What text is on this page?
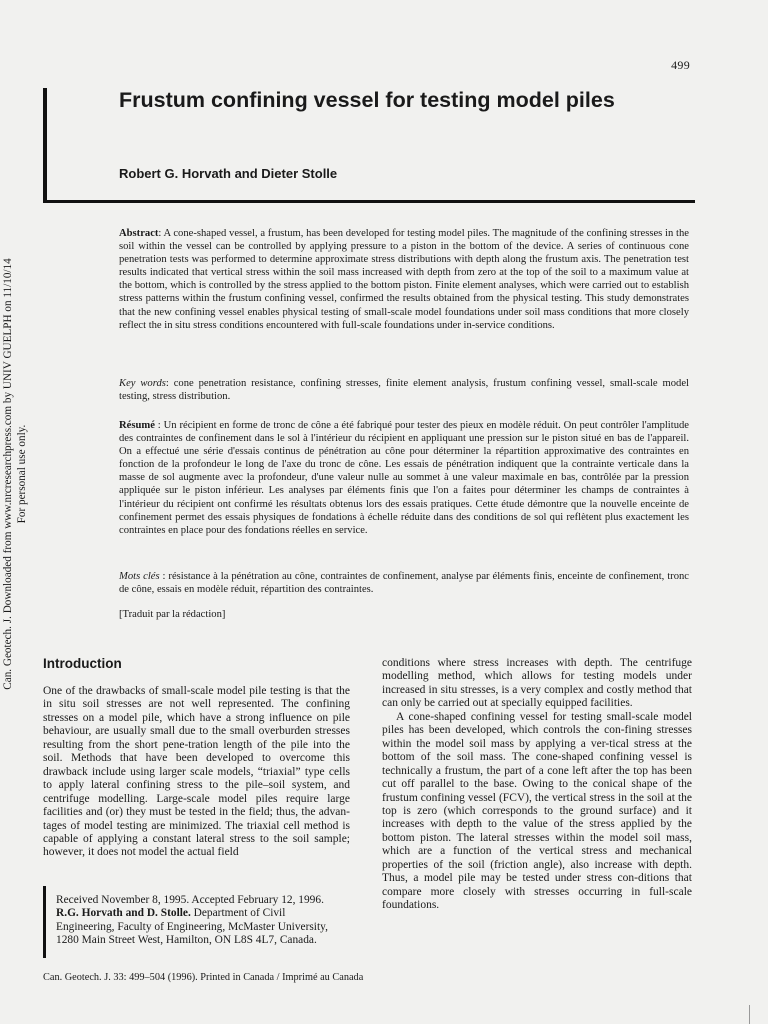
499
Frustum confining vessel for testing model piles
Robert G. Horvath and Dieter Stolle
Can. Geotech. J. Downloaded from www.nrcresearchpress.com by UNIV GUELPH on 11/10/14 For personal use only.
Abstract: A cone-shaped vessel, a frustum, has been developed for testing model piles. The magnitude of the confining stresses in the soil within the vessel can be controlled by applying pressure to a piston in the bottom of the device. A series of continuous cone penetration tests was performed to determine approximate stress distributions with depth along the frustum axis. The penetration test results indicated that vertical stress within the soil mass increased with depth from zero at the top of the soil to a maximum value at the bottom, which is controlled by the stress applied to the bottom piston. Finite element analyses, which were carried out to establish stress patterns within the frustum confining vessel, confirmed the results obtained from the physical testing. This study demonstrates that the new confining vessel enables physical testing of small-scale model foundations under soil mass conditions that more closely reflect the in situ stress conditions encountered with full-scale foundations under in-service conditions.
Key words: cone penetration resistance, confining stresses, finite element analysis, frustum confining vessel, small-scale model testing, stress distribution.
Résumé : Un récipient en forme de tronc de cône a été fabriqué pour tester des pieux en modèle réduit. On peut contrôler l'amplitude des contraintes de confinement dans le sol à l'intérieur du récipient en appliquant une pression sur le piston situé en bas de l'appareil. On a effectué une série d'essais continus de pénétration au cône pour déterminer la répartition approximative des contraintes en fonction de la profondeur le long de l'axe du tronc de cône. Les essais de pénétration indiquent que la contrainte verticale dans la masse de sol augmente avec la profondeur, d'une valeur nulle au sommet à une valeur maximale en bas, contrôlée par la pression appliquée sur le piston inférieur. Les analyses par éléments finis que l'on a faites pour déterminer les champs de contraintes à l'intérieur du récipient ont confirmé les résultats obtenus lors des essais pratiques. Cette étude démontre que la nouvelle enceinte de confinement permet des essais physiques de fondations à échelle réduite dans des conditions de sol qui reflètent plus exactement les contraintes en place pour des fondations réelles en service.
Mots clés : résistance à la pénétration au cône, contraintes de confinement, analyse par éléments finis, enceinte de confinement, tronc de cône, essais en modèle réduit, répartition des contraintes.
[Traduit par la rédaction]
Introduction

One of the drawbacks of small-scale model pile testing is that the in situ soil stresses are not well represented. The confining stresses on a model pile, which have a strong influence on pile behaviour, are usually small due to the small overburden stresses resulting from the short pene-tration length of the pile into the soil. Methods that have been developed to overcome this drawback include using larger scale models, “triaxial” type cells to apply lateral confining stress to the pile–soil system, and centrifuge modelling. Large-scale model piles require large facilities and (or) they must be tested in the field; thus, the advan-tages of model testing are minimized. The triaxial cell method is capable of applying a constant lateral stress to the soil sample; however, it does not model the actual field

conditions where stress increases with depth. The centrifuge modelling method, which allows for testing models under increased in situ stresses, is a very complex and costly method that can only be carried out at specially equipped facilities.

A cone-shaped confining vessel for testing small-scale model piles has been developed, which controls the con-fining stresses within the model soil mass by applying a ver-tical stress at the bottom of the soil mass. The cone-shaped confining vessel is technically a frustum, the part of a cone left after the top has been cut off parallel to the base. Owing to the conical shape of the frustum confining vessel (FCV), the vertical stress in the soil at the top is zero (which corresponds to the ground surface) and it increases with depth to the value of the stress applied by the bottom piston. The lateral stresses within the model soil mass, which are a function of the vertical stress and mechanical properties of the soil (friction angle), also increase with depth. Thus, a model pile may be tested under stress con-ditions that compare more closely with stresses occurring in full-scale foundations.

Received November 8, 1995. Accepted February 12, 1996.
R.G. Horvath and D. Stolle. Department of Civil
Engineering, Faculty of Engineering, McMaster University,
1280 Main Street West, Hamilton, ON L8S 4L7, Canada.
Can. Geotech. J. 33: 499–504 (1996). Printed in Canada / Imprimé au Canada
